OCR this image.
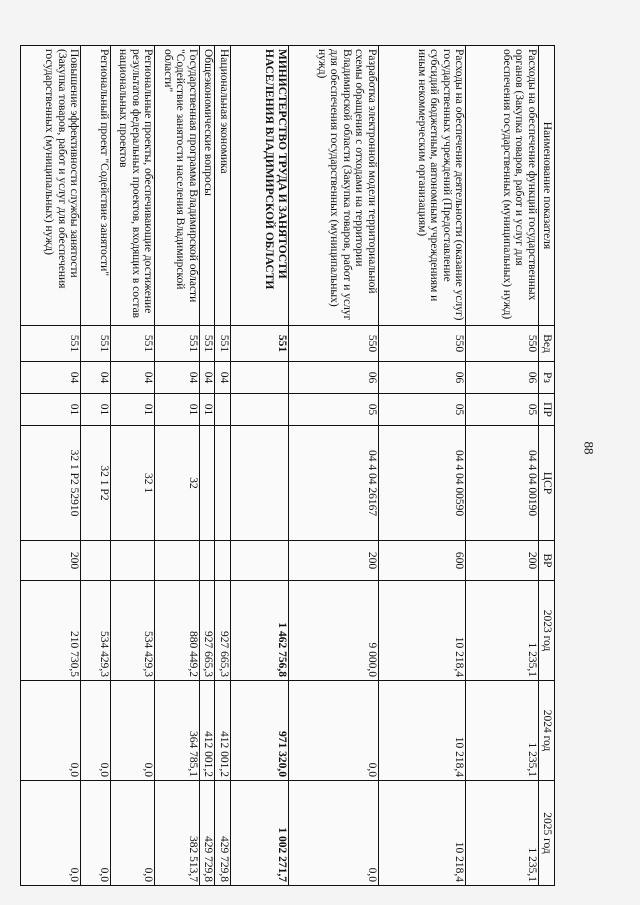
88
Наименование показателя	Вед	Рз	ПР	ЦСР	ВР	2023 год	2024 год	2025 год
Расходы на обеспечение функций государственных органов (Закупка товаров, работ и услуг для обеспечения государственных (муниципальных) нужд)	550	06	05	04 4 04 00190	200	1 235,1	1 235,1	1 235,1
Расходы на обеспечение деятельности (оказание услуг) государственных учреждений (Предоставление субсидий бюджетным, автономным учреждениям и иным некоммерческим организациям)	550	06	05	04 4 04 00590	600	10 218,4	10 218,4	10 218,4
Разработка электронной модели территориальной схемы обращения с отходами на территории Владимирской области (Закупка товаров, работ и услуг для обеспечения государственных (муниципальных) нужд)	550	06	05	04 4 04 26167	200	9 000,0	0,0	0,0
МИНИСТЕРСТВО ТРУДА И ЗАНЯТОСТИ НАСЕЛЕНИЯ ВЛАДИМИРСКОЙ ОБЛАСТИ	551					1 462 756,8	971 320,0	1 002 271,7
Национальная экономика	551	04				927 665,3	412 001,2	429 729,8
Общеэкономические вопросы	551	04	01			927 665,3	412 001,2	429 729,8
Государственная программа Владимирской области "Содействие занятости населения Владимирской области"	551	04	01	32		880 449,2	364 785,1	382 513,7
Региональные проекты, обеспечивающие достижение результатов федеральных проектов, входящих в состав национальных проектов	551	04	01	32 1		534 429,3	0,0	0,0
Региональный проект "Содействие занятости"	551	04	01	32 1 P2		534 429,3	0,0	0,0
Повышение эффективности службы занятости (Закупка товаров, работ и услуг для обеспечения государственных (муниципальных) нужд)	551	04	01	32 1 P2 52910	200	210 730,5	0,0	0,0
